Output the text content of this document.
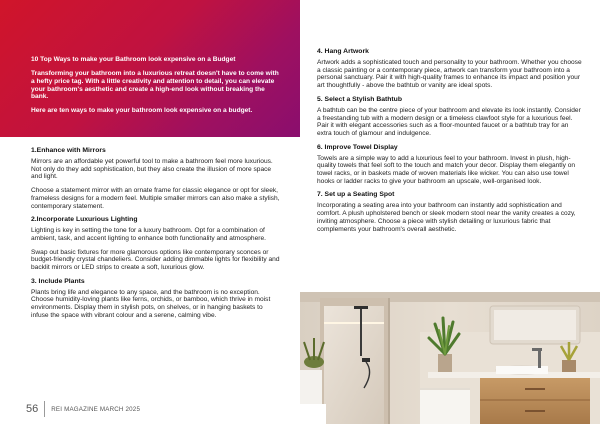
10 Top Ways to make your Bathroom look expensive on a Budget
Transforming your bathroom into a luxurious retreat doesn't have to come with a hefty price tag. With a little creativity and attention to detail, you can elevate your bathroom's aesthetic and create a high-end look without breaking the bank.
Here are ten ways to make your bathroom look expensive on a budget.
1.Enhance with Mirrors
Mirrors are an affordable yet powerful tool to make a bathroom feel more luxurious. Not only do they add sophistication, but they also create the illusion of more space and light.
Choose a statement mirror with an ornate frame for classic elegance or opt for sleek, frameless designs for a modern feel. Multiple smaller mirrors can also make a stylish, contemporary statement.
2.Incorporate Luxurious Lighting
Lighting is key in setting the tone for a luxury bathroom. Opt for a combination of ambient, task, and accent lighting to enhance both functionality and atmosphere.
Swap out basic fixtures for more glamorous options like contemporary sconces or budget-friendly crystal chandeliers. Consider adding dimmable lights for flexibility and backlit mirrors or LED strips to create a soft, luxurious glow.
3. Include Plants
Plants bring life and elegance to any space, and the bathroom is no exception. Choose humidity-loving plants like ferns, orchids, or bamboo, which thrive in moist environments. Display them in stylish pots, on shelves, or in hanging baskets to infuse the space with vibrant colour and a serene, calming vibe.
56 REI MAGAZINE MARCH 2025
4. Hang Artwork
Artwork adds a sophisticated touch and personality to your bathroom. Whether you choose a classic painting or a contemporary piece, artwork can transform your bathroom into a personal sanctuary. Pair it with high-quality frames to enhance its impact and position your art thoughtfully - above the bathtub or vanity are ideal spots.
5. Select a Stylish Bathtub
A bathtub can be the centre piece of your bathroom and elevate its look instantly. Consider a freestanding tub with a modern design or a timeless clawfoot style for a luxurious feel. Pair it with elegant accessories such as a floor-mounted faucet or a bathtub tray for an extra touch of glamour and indulgence.
6. Improve Towel Display
Towels are a simple way to add a luxurious feel to your bathroom. Invest in plush, high-quality towels that feel soft to the touch and match your decor. Display them elegantly on towel racks, or in baskets made of woven materials like wicker. You can also use towel hooks or ladder racks to give your bathroom an upscale, well-organised look.
7. Set up a Seating Spot
Incorporating a seating area into your bathroom can instantly add sophistication and comfort. A plush upholstered bench or sleek modern stool near the vanity creates a cozy, inviting atmosphere. Choose a piece with stylish detailing or luxurious fabric that complements your bathroom's overall aesthetic.
